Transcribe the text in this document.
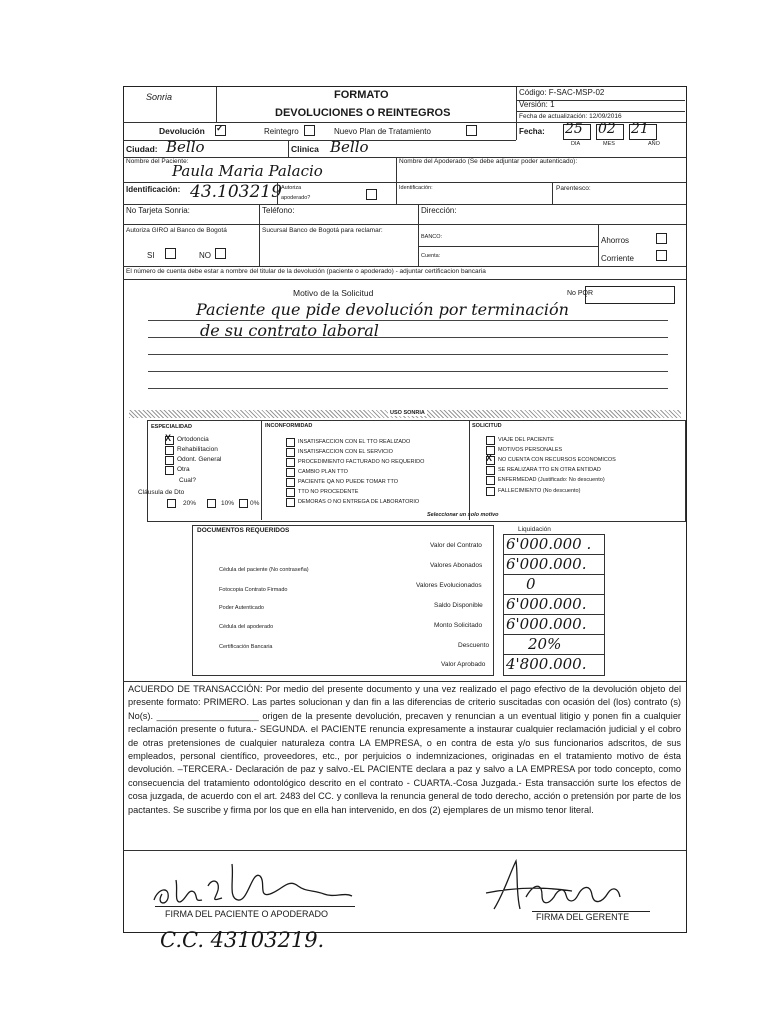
Sonria	FORMATO
DEVOLUCIONES O REINTEGROS
Código: F-SAC-MSP-02
Versión: 1
Fecha de actualización: 12/09/2016
Devolución ✓	Reintegro	Nuevo Plan de Tratamiento	Fecha: 25 02 21
DIA	MES	AÑO
Ciudad: Bello	Clinica Bello
Nombre del Paciente:
Paula Maria Palacio
Nombre del Apoderado (Se debe adjuntar poder autenticado):
Identificación: 43.103219 Autoriza
apoderado?
Identificación:	Parentesco:
No Tarjeta Sonria:	Teléfono:	Dirección:
Autoriza GIRO al Banco de Bogotá
SI	NO
Sucursal Banco de Bogotá para reclamar:
BANCO:
Cuenta:
Ahorros
Corriente
El número de cuenta debe estar a nombre del titular de la devolución (paciente o apoderado) - adjuntar certificacion bancaria
Motivo de la Solicitud	No PQR
Paciente que pide devolución por terminación
de su contrato laboral
USO SONRIA
ESPECIALIDAD
X Ortodoncia
Rehabilitacion
Odont. General
Otra
Cual?
Cláusula de Dto
20%	10% 0%
INCONFORMIDAD
INSATISFACCION CON EL TTO REALIZADO
INSATISFACCION CON EL SERVICIO
PROCEDIMIENTO FACTURADO NO REQUERIDO
CAMBIO PLAN TTO
PACIENTE QA NO PUEDE TOMAR TTO
TTO NO PROCEDENTE
DEMORAS O NO ENTREGA DE LABORATORIO
SOLICITUD
VIAJE DEL PACIENTE
MOTIVOS PERSONALES
X NO CUENTA CON RECURSOS ECONOMICOS
SE REALIZARA TTO EN OTRA ENTIDAD
ENFERMEDAD (Justificado: No descuento)
FALLECIMIENTO (No descuento)
Seleccionar un solo motivo
DOCUMENTOS REQUERIDOS
Cédula del paciente (No contraseña)
Fotocopia Contrato Firmado
Poder Autenticado
Cédula del apoderado
Certificación Bancaria
Liquidación
Valor del Contrato 6'000.000 .
Valores Abonados 6'000.000.
Valores Evolucionados	0
Saldo Disponible 6'000.000.
Monto Solicitado 6'000.000.
Descuento	20%
Valor Aprobado 4'800.000.
ACUERDO DE TRANSACCIÓN: Por medio del presente documento y una vez realizado el pago efectivo de la devolución objeto del presente formato: PRIMERO. Las partes solucionan y dan fin a las diferencias de criterio suscitadas con ocasión del (los) contrato (s) No(s). ____________________ origen de la presente devolución, precaven y renuncian a un eventual litigio y ponen fin a cualquier reclamación presente o futura.- SEGUNDA. el PACIENTE renuncia expresamente a instaurar cualquier reclamación judicial y el cobro de otras pretensiones de cualquier naturaleza contra LA EMPRESA, o en contra de esta y/o sus funcionarios adscritos, de sus empleados, personal científico, proveedores, etc., por perjuicios o indemnizaciones, originadas en el tratamiento motivo de ésta devolución. –TERCERA.- Declaración de paz y salvo.-EL PACIENTE declara a paz y salvo a LA EMPRESA por todo concepto, como consecuencia del tratamiento odontológico descrito en el contrato - CUARTA.-Cosa Juzgada.- Esta transacción surte los efectos de cosa juzgada, de acuerdo con el art. 2483 del CC. y conlleva la renuncia general de todo derecho, acción o pretensión por parte de los pactantes. Se suscribe y firma por los que en ella han intervenido, en dos (2) ejemplares de un mismo tenor literal.
FIRMA DEL PACIENTE O APODERADO	FIRMA DEL GERENTE
C.C. 43103219.
